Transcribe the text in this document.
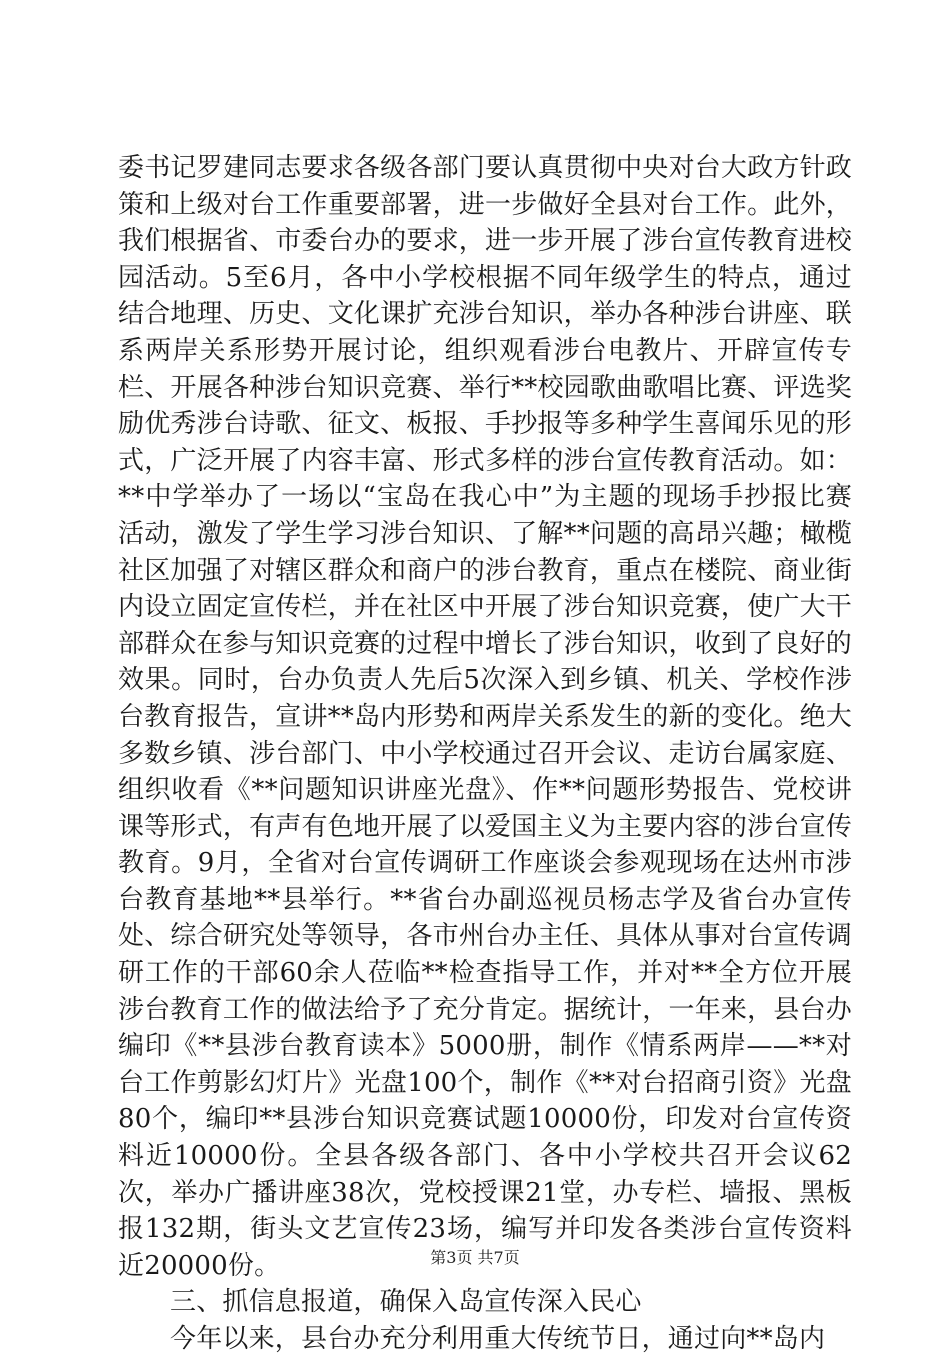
委书记罗建同志要求各级各部门要认真贯彻中央对台大政方针政策和上级对台工作重要部署，进一步做好全县对台工作。此外，我们根据省、市委台办的要求，进一步开展了涉台宣传教育进校园活动。5至6月，各中小学校根据不同年级学生的特点，通过结合地理、历史、文化课扩充涉台知识，举办各种涉台讲座、联系两岸关系形势开展讨论，组织观看涉台电教片、开辟宣传专栏、开展各种涉台知识竞赛、举行**校园歌曲歌唱比赛、评选奖励优秀涉台诗歌、征文、板报、手抄报等多种学生喜闻乐见的形式，广泛开展了内容丰富、形式多样的涉台宣传教育活动。如：**中学举办了一场以“宝岛在我心中”为主题的现场手抄报比赛活动，激发了学生学习涉台知识、了解**问题的高昂兴趣；橄榄社区加强了对辖区群众和商户的涉台教育，重点在楼院、商业街内设立固定宣传栏，并在社区中开展了涉台知识竞赛，使广大干部群众在参与知识竞赛的过程中增长了涉台知识，收到了良好的效果。同时，台办负责人先后5次深入到乡镇、机关、学校作涉台教育报告，宣讲**岛内形势和两岸关系发生的新的变化。绝大多数乡镇、涉台部门、中小学校通过召开会议、走访台属家庭、组织收看《**问题知识讲座光盘》、作**问题形势报告、党校讲课等形式，有声有色地开展了以爱国主义为主要内容的涉台宣传教育。9月，全省对台宣传调研工作座谈会参观现场在达州市涉台教育基地**县举行。**省台办副巡视员杨志学及省台办宣传处、综合研究处等领导，各市州台办主任、具体从事对台宣传调研工作的干部60余人莅临**检查指导工作，并对**全方位开展涉台教育工作的做法给予了充分肯定。据统计，一年来，县台办编印《**县涉台教育读本》5000册，制作《情系两岸——**对台工作剪影幻灯片》光盘100个，制作《**对台招商引资》光盘80个，编印**县涉台知识竞赛试题10000份，印发对台宣传资料近10000份。全县各级各部门、各中小学校共召开会议62次，举办广播讲座38次，党校授课21堂，办专栏、墙报、黑板报132期，街头文艺宣传23场，编写并印发各类涉台宣传资料近20000份。

三、抓信息报道，确保入岛宣传深入民心

今年以来，县台办充分利用重大传统节日，通过向**岛内

第3页 共7页
